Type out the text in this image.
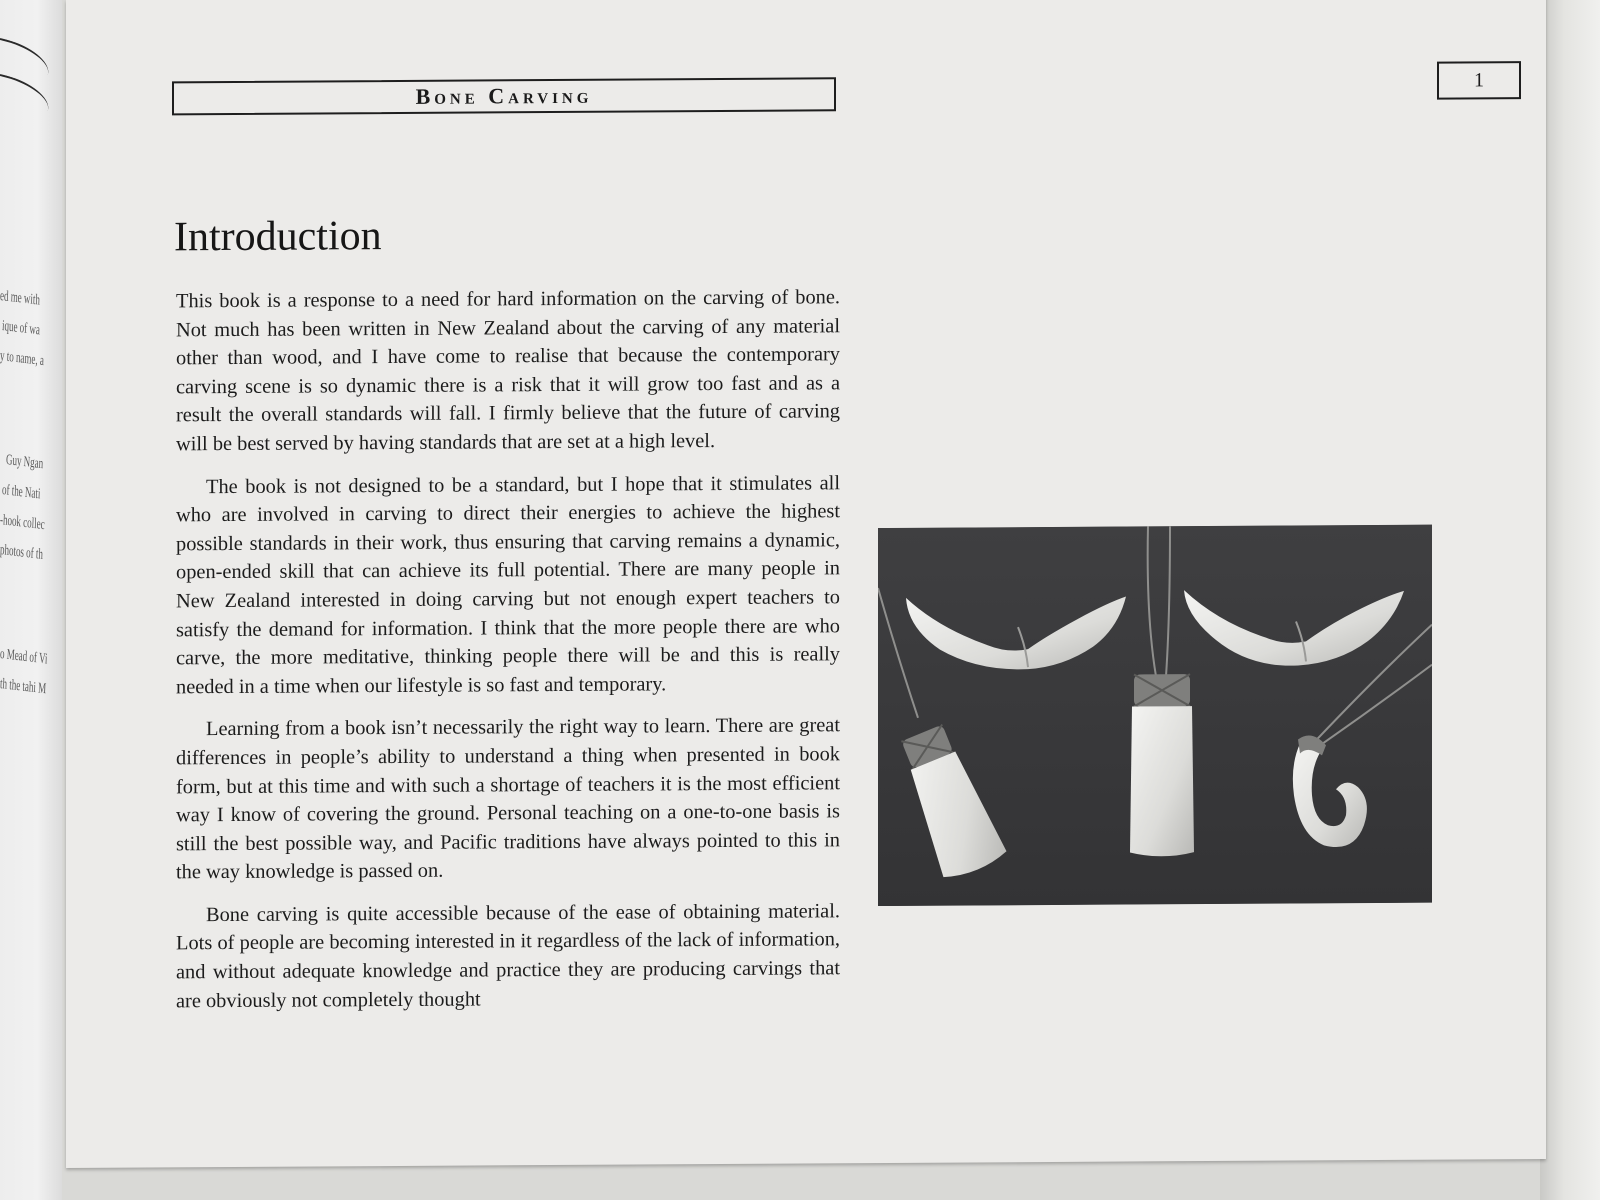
ed me with
ique of wa
y to name, a
Guy Ngan
of the Nati
-hook collec
photos of th
o Mead of Vi
th the tahi M
Bone Carving
1
Introduction

This book is a response to a need for hard information on the carving of bone. Not much has been written in New Zealand about the carving of any material other than wood, and I have come to realise that because the contemporary carving scene is so dynamic there is a risk that it will grow too fast and as a result the overall standards will fall. I firmly believe that the future of carving will be best served by having standards that are set at a high level.

The book is not designed to be a standard, but I hope that it stimulates all who are involved in carving to direct their energies to achieve the highest possible standards in their work, thus ensuring that carving remains a dynamic, open-ended skill that can achieve its full potential. There are many people in New Zealand interested in doing carving but not enough expert teachers to satisfy the demand for information. I think that the more people there are who carve, the more meditative, thinking people there will be and this is really needed in a time when our lifestyle is so fast and temporary.

Learning from a book isn’t necessarily the right way to learn. There are great differences in people’s ability to understand a thing when presented in book form, but at this time and with such a shortage of teachers it is the most efficient way I know of covering the ground. Personal teaching on a one-to-one basis is still the best possible way, and Pacific traditions have always pointed to this in the way knowledge is passed on.

Bone carving is quite accessible because of the ease of obtaining material. Lots of people are becoming interested in it regardless of the lack of information, and without adequate knowledge and practice they are producing carvings that are obviously not completely thought
